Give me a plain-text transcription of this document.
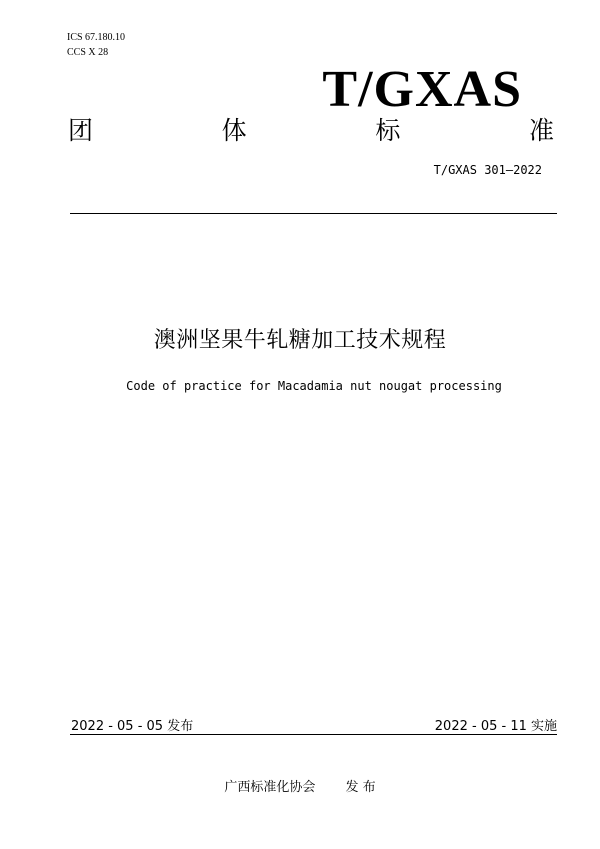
ICS 67.180.10
CCS X 28
T/GXAS
团	体	标	准
T/GXAS 301—2022
澳洲坚果牛轧糖加工技术规程
Code of practice for Macadamia nut nougat processing
2022 - 05 - 05 发布	2022 - 05 - 11 实施
广西标准化协会 发 布
